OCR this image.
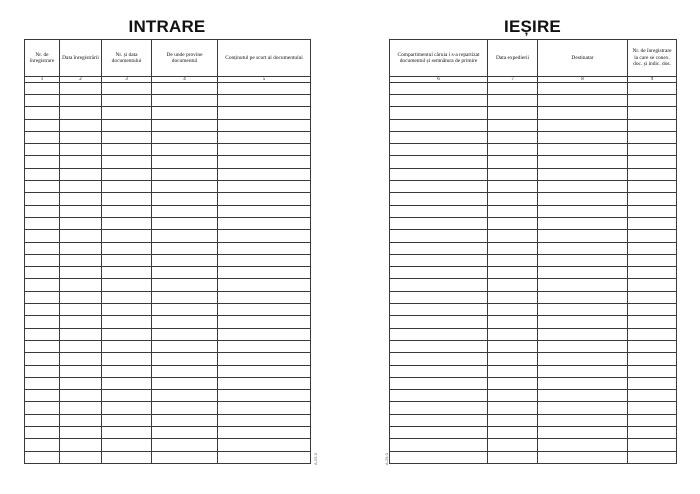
INTRARE	IEȘIRE
Nr. de înregistrare	Data înregistrării	Nr. și data documentului	De unde provine documentul	Conținutul pe scurt al documentului
1	2	3	4	5

Compartimentul căruia i s-a repartizat documentul și semnătura de primire	Data expedierii	Destinatar	Nr. de înregistrare la care se conex. doc. și indic. dos.
6	7	8	9

A-25-0	A-25-0
